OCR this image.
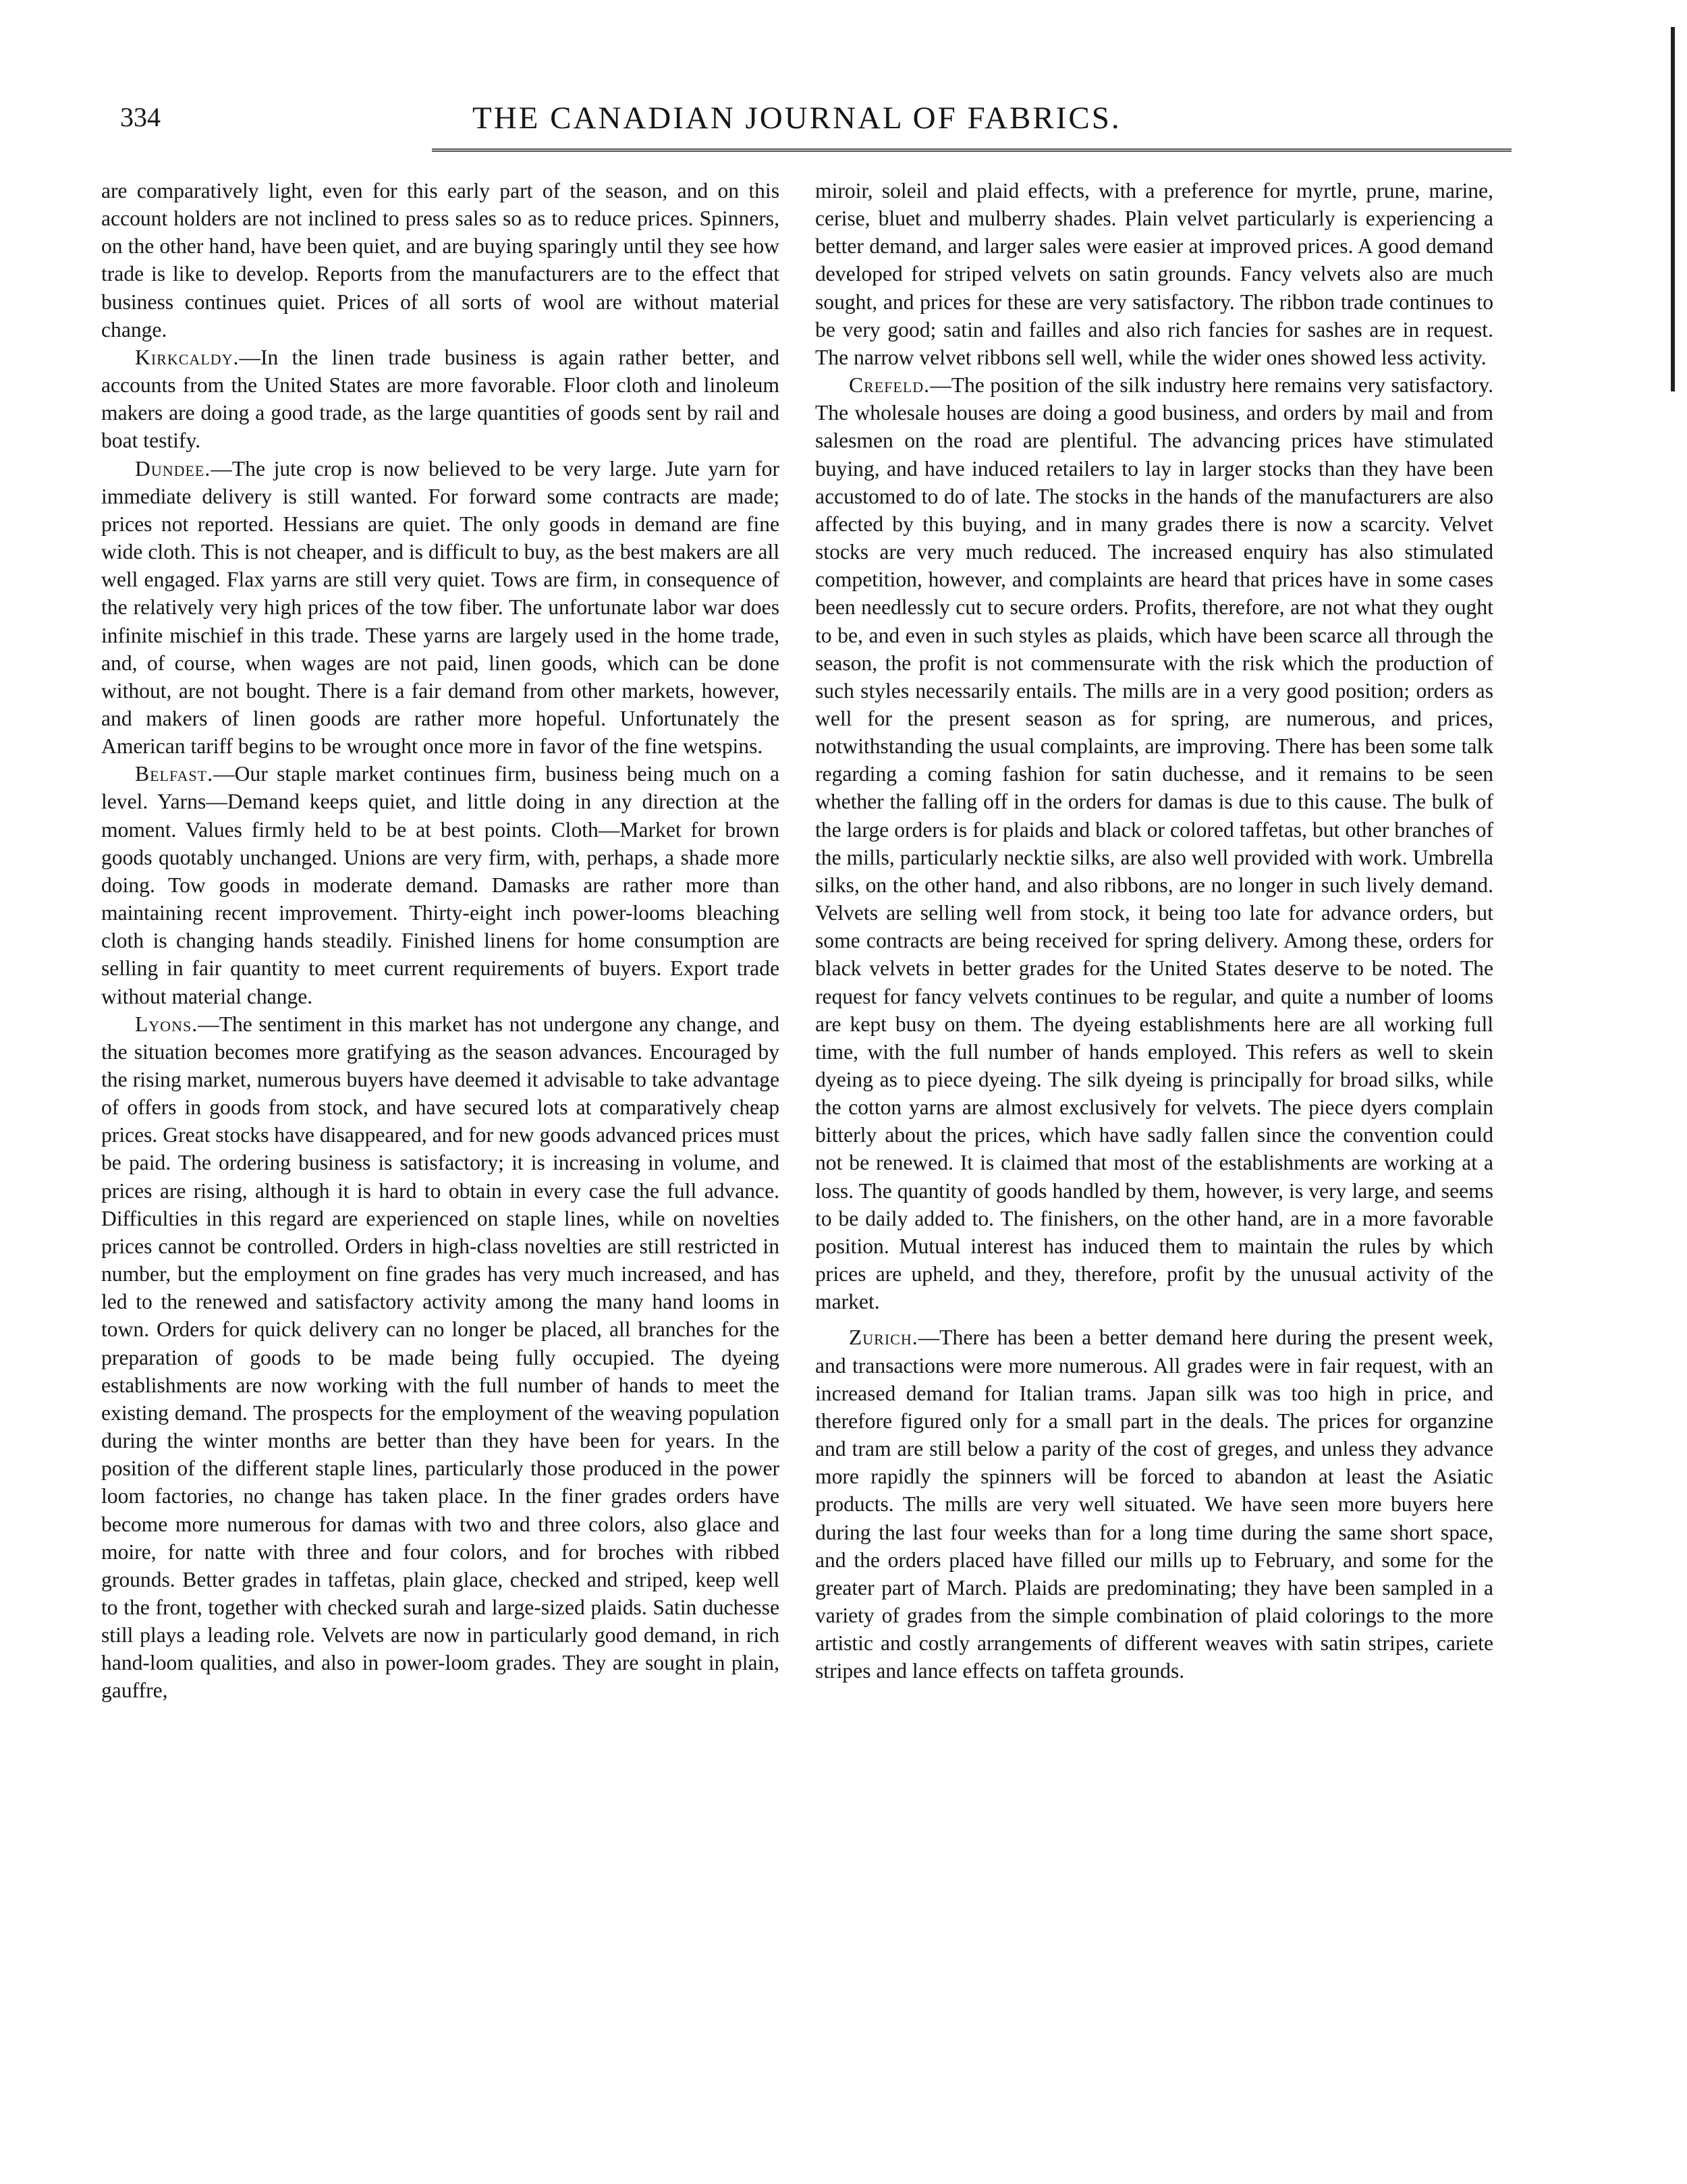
334	THE CANADIAN JOURNAL OF FABRICS.

are comparatively light, even for this early part of the season, and on this account holders are not inclined to press sales so as to reduce prices. Spinners, on the other hand, have been quiet, and are buying sparingly until they see how trade is like to develop. Reports from the manufacturers are to the effect that business continues quiet. Prices of all sorts of wool are without material change.

Kirkcaldy.—In the linen trade business is again rather better, and accounts from the United States are more favorable. Floor cloth and linoleum makers are doing a good trade, as the large quantities of goods sent by rail and boat testify.

Dundee.—The jute crop is now believed to be very large. Jute yarn for immediate delivery is still wanted. For forward some contracts are made; prices not reported. Hessians are quiet. The only goods in demand are fine wide cloth. This is not cheaper, and is difficult to buy, as the best makers are all well engaged. Flax yarns are still very quiet. Tows are firm, in consequence of the relatively very high prices of the tow fiber. The unfortunate labor war does infinite mischief in this trade. These yarns are largely used in the home trade, and, of course, when wages are not paid, linen goods, which can be done without, are not bought. There is a fair demand from other markets, however, and makers of linen goods are rather more hopeful. Unfortunately the American tariff begins to be wrought once more in favor of the fine wetspins.

Belfast.—Our staple market continues firm, business being much on a level. Yarns—Demand keeps quiet, and little doing in any direction at the moment. Values firmly held to be at best points. Cloth—Market for brown goods quotably unchanged. Unions are very firm, with, perhaps, a shade more doing. Tow goods in moderate demand. Damasks are rather more than maintaining recent improvement. Thirty-eight inch power-looms bleaching cloth is changing hands steadily. Finished linens for home consumption are selling in fair quantity to meet current requirements of buyers. Export trade without material change.

Lyons.—The sentiment in this market has not undergone any change, and the situation becomes more gratifying as the season advances. Encouraged by the rising market, numerous buyers have deemed it advisable to take advantage of offers in goods from stock, and have secured lots at comparatively cheap prices. Great stocks have disappeared, and for new goods advanced prices must be paid. The ordering business is satisfactory; it is increasing in volume, and prices are rising, although it is hard to obtain in every case the full advance. Difficulties in this regard are experienced on staple lines, while on novelties prices cannot be controlled. Orders in high-class novelties are still restricted in number, but the employment on fine grades has very much increased, and has led to the renewed and satisfactory activity among the many hand looms in town. Orders for quick delivery can no longer be placed, all branches for the preparation of goods to be made being fully occupied. The dyeing establishments are now working with the full number of hands to meet the existing demand. The prospects for the employment of the weaving population during the winter months are better than they have been for years. In the position of the different staple lines, particularly those produced in the power loom factories, no change has taken place. In the finer grades orders have become more numerous for damas with two and three colors, also glace and moire, for natte with three and four colors, and for broches with ribbed grounds. Better grades in taffetas, plain glace, checked and striped, keep well to the front, together with checked surah and large-sized plaids. Satin duchesse still plays a leading role. Velvets are now in particularly good demand, in rich hand-loom qualities, and also in power-loom grades. They are sought in plain, gauffre,

miroir, soleil and plaid effects, with a preference for myrtle, prune, marine, cerise, bluet and mulberry shades. Plain velvet particularly is experiencing a better demand, and larger sales were easier at improved prices. A good demand developed for striped velvets on satin grounds. Fancy velvets also are much sought, and prices for these are very satisfactory. The ribbon trade continues to be very good; satin and failles and also rich fancies for sashes are in request. The narrow velvet ribbons sell well, while the wider ones showed less activity.

Crefeld.—The position of the silk industry here remains very satisfactory. The wholesale houses are doing a good business, and orders by mail and from salesmen on the road are plentiful. The advancing prices have stimulated buying, and have induced retailers to lay in larger stocks than they have been accustomed to do of late. The stocks in the hands of the manufacturers are also affected by this buying, and in many grades there is now a scarcity. Velvet stocks are very much reduced. The increased enquiry has also stimulated competition, however, and complaints are heard that prices have in some cases been needlessly cut to secure orders. Profits, therefore, are not what they ought to be, and even in such styles as plaids, which have been scarce all through the season, the profit is not commensurate with the risk which the production of such styles necessarily entails. The mills are in a very good position; orders as well for the present season as for spring, are numerous, and prices, notwithstanding the usual complaints, are improving. There has been some talk regarding a coming fashion for satin duchesse, and it remains to be seen whether the falling off in the orders for damas is due to this cause. The bulk of the large orders is for plaids and black or colored taffetas, but other branches of the mills, particularly necktie silks, are also well provided with work. Umbrella silks, on the other hand, and also ribbons, are no longer in such lively demand. Velvets are selling well from stock, it being too late for advance orders, but some contracts are being received for spring delivery. Among these, orders for black velvets in better grades for the United States deserve to be noted. The request for fancy velvets continues to be regular, and quite a number of looms are kept busy on them. The dyeing establishments here are all working full time, with the full number of hands employed. This refers as well to skein dyeing as to piece dyeing. The silk dyeing is principally for broad silks, while the cotton yarns are almost exclusively for velvets. The piece dyers complain bitterly about the prices, which have sadly fallen since the convention could not be renewed. It is claimed that most of the establishments are working at a loss. The quantity of goods handled by them, however, is very large, and seems to be daily added to. The finishers, on the other hand, are in a more favorable position. Mutual interest has induced them to maintain the rules by which prices are upheld, and they, therefore, profit by the unusual activity of the market.

Zurich.—There has been a better demand here during the present week, and transactions were more numerous. All grades were in fair request, with an increased demand for Italian trams. Japan silk was too high in price, and therefore figured only for a small part in the deals. The prices for organzine and tram are still below a parity of the cost of greges, and unless they advance more rapidly the spinners will be forced to abandon at least the Asiatic products. The mills are very well situated. We have seen more buyers here during the last four weeks than for a long time during the same short space, and the orders placed have filled our mills up to February, and some for the greater part of March. Plaids are predominating; they have been sampled in a variety of grades from the simple combination of plaid colorings to the more artistic and costly arrangements of different weaves with satin stripes, cariete stripes and lance effects on taffeta grounds.
